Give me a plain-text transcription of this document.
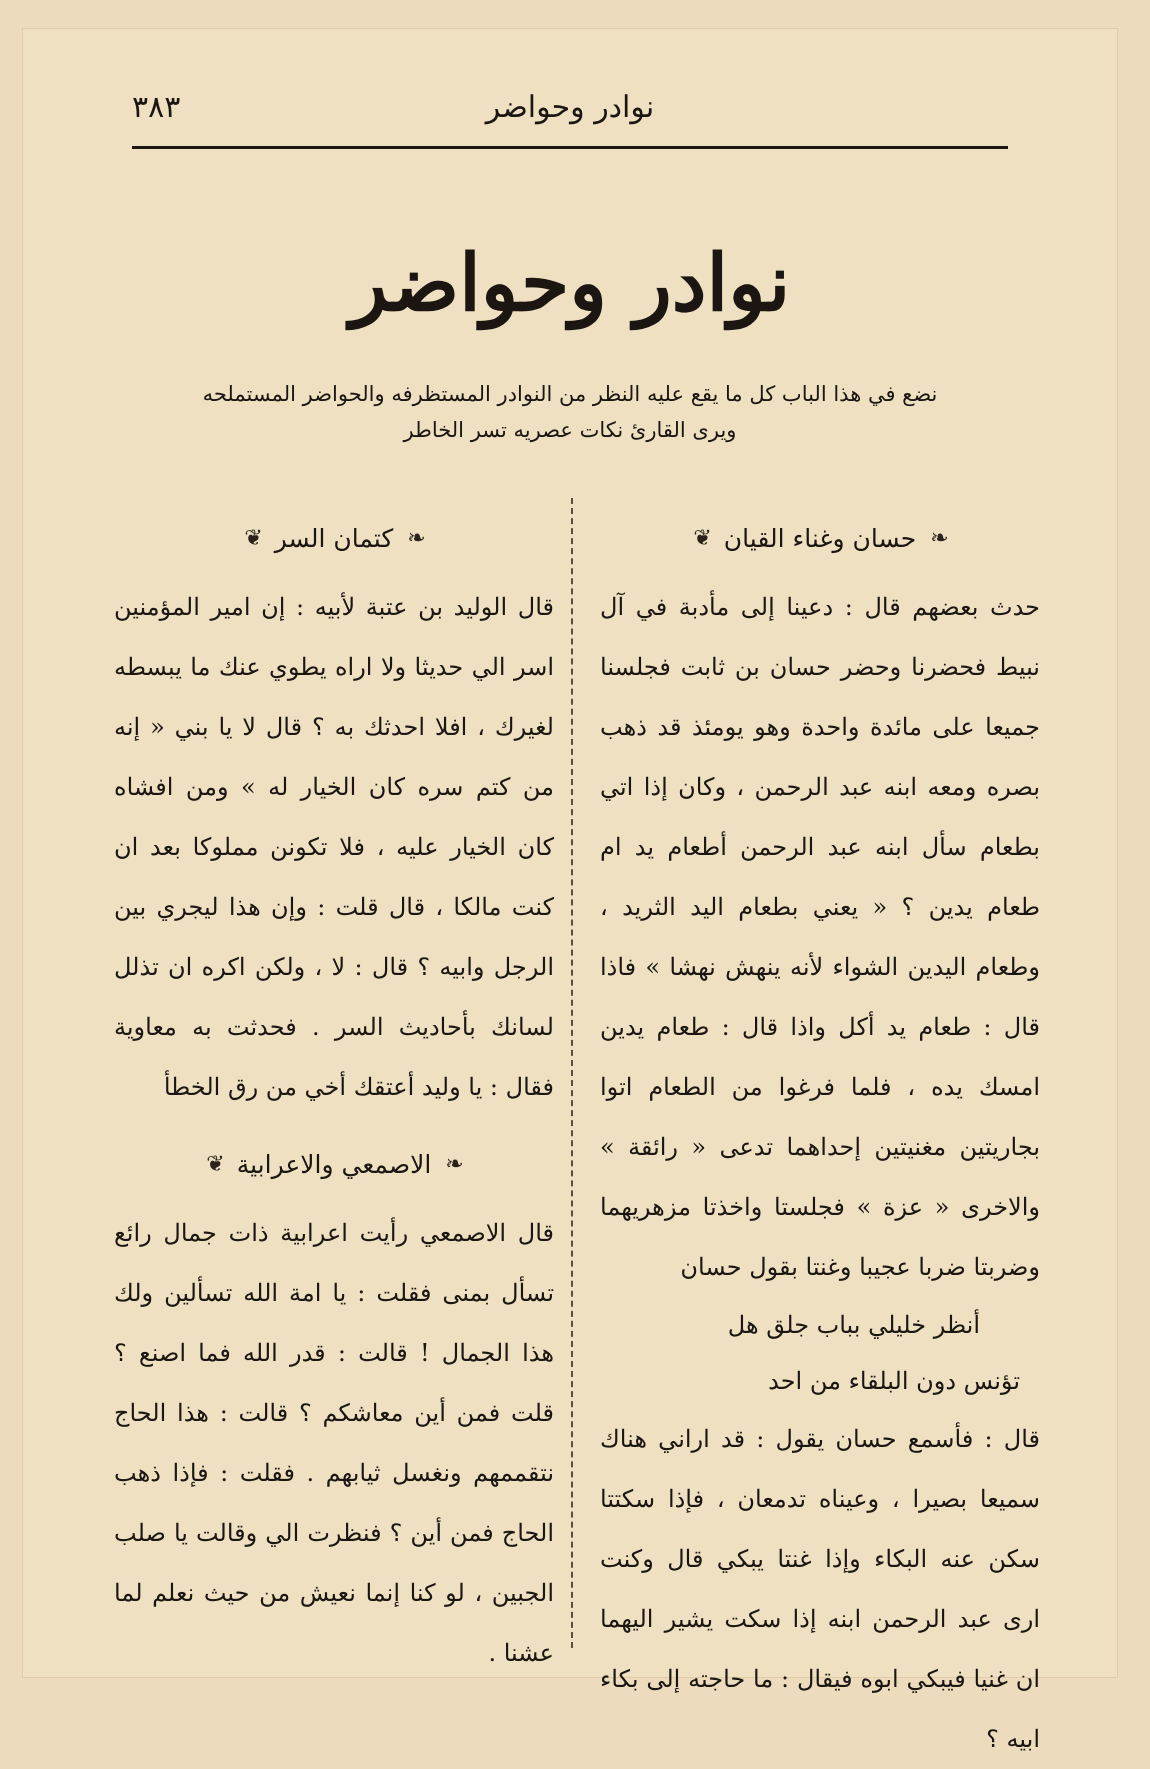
نوادر وحواضر
٣٨٣
نوادر وحواضر
نضع في هذا الباب كل ما يقع عليه النظر من النوادر المستظرفه والحواضر المستملحه
ويرى القارئ نكات عصريه تسر الخاطر
❧
حسان وغناء القيان
❦

حدث بعضهم قال : دعينا إلى مأدبة في آل نبيط فحضرنا وحضر حسان بن ثابت فجلسنا جميعا على مائدة واحدة وهو يومئذ قد ذهب بصره ومعه ابنه عبد الرحمن ، وكان إذا اتي بطعام سأل ابنه عبد الرحمن أطعام يد ام طعام يدين ؟ « يعني بطعام اليد الثريد ، وطعام اليدين الشواء لأنه ينهش نهشا » فاذا قال : طعام يد أكل واذا قال : طعام يدين امسك يده ، فلما فرغوا من الطعام اتوا بجاريتين مغنيتين إحداهما تدعى « رائقة » والاخرى « عزة » فجلستا واخذتا مزهريهما وضربتا ضربا عجيبا وغنتا بقول حسان

أنظر خليلي بباب جلق هل
تؤنس دون البلقاء من احد

قال : فأسمع حسان يقول : قد اراني هناك سميعا بصيرا ، وعيناه تدمعان ، فإذا سكتتا سكن عنه البكاء وإذا غنتا يبكي قال وكنت ارى عبد الرحمن ابنه إذا سكت يشير اليهما ان غنيا فيبكي ابوه فيقال : ما حاجته إلى بكاء ابيه ؟

❧
كتمان السر
❦

قال الوليد بن عتبة لأبيه : إن امير المؤمنين اسر الي حديثا ولا اراه يطوي عنك ما يبسطه لغيرك ، افلا احدثك به ؟ قال لا يا بني « إنه من كتم سره كان الخيار له » ومن افشاه كان الخيار عليه ، فلا تكونن مملوكا بعد ان كنت مالكا ، قال قلت : وإن هذا ليجري بين الرجل وابيه ؟ قال : لا ، ولكن اكره ان تذلل لسانك بأحاديث السر . فحدثت به معاوية فقال : يا وليد أعتقك أخي من رق الخطأ

❧
الاصمعي والاعرابية
❦

قال الاصمعي رأيت اعرابية ذات جمال رائع تسأل بمنى فقلت : يا امة الله تسألين ولك هذا الجمال ! قالت : قدر الله فما اصنع ؟ قلت فمن أين معاشكم ؟ قالت : هذا الحاج نتقممهم ونغسل ثيابهم . فقلت : فإذا ذهب الحاج فمن أين ؟ فنظرت الي وقالت يا صلب الجبين ، لو كنا إنما نعيش من حيث نعلم لما عشنا .
